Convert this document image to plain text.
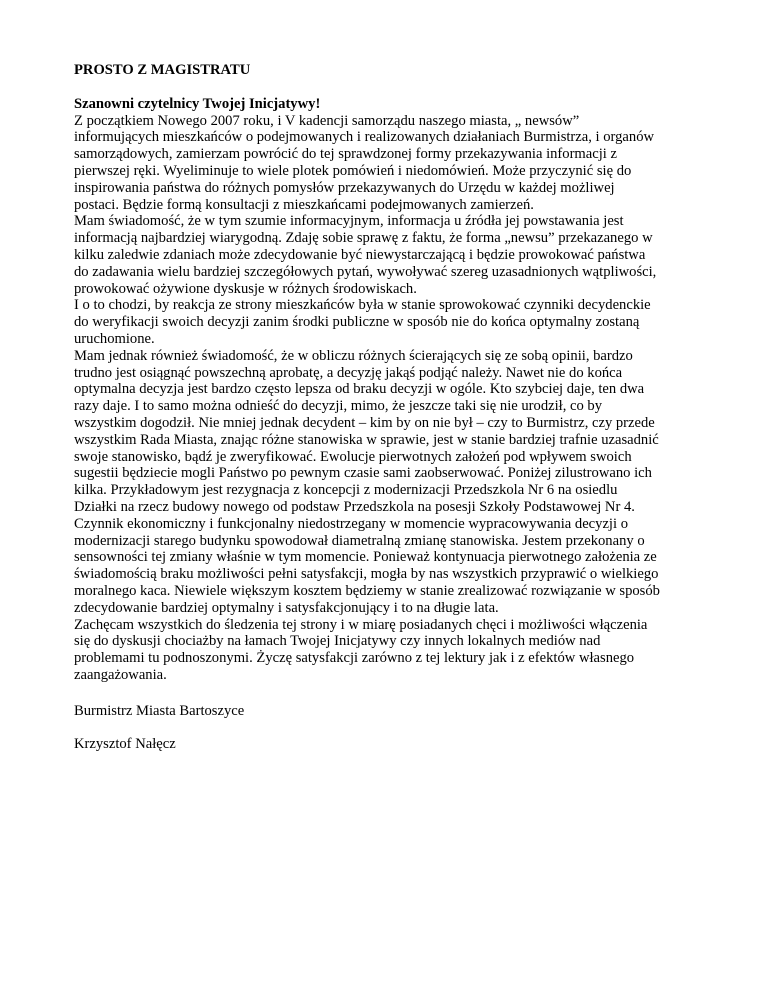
PROSTO Z MAGISTRATU

Szanowni czytelnicy Twojej Inicjatywy!

Z początkiem Nowego 2007 roku, i V kadencji samorządu naszego miasta, „ newsów”
informujących mieszkańców o podejmowanych i realizowanych działaniach Burmistrza, i organów
samorządowych, zamierzam powrócić do tej sprawdzonej formy przekazywania informacji z
pierwszej ręki. Wyeliminuje to wiele plotek pomówień i niedomówień. Może przyczynić się do
inspirowania państwa do różnych pomysłów przekazywanych do Urzędu w każdej możliwej
postaci. Będzie formą konsultacji z mieszkańcami podejmowanych zamierzeń.

Mam świadomość, że w tym szumie informacyjnym, informacja u źródła jej powstawania jest
informacją najbardziej wiarygodną. Zdaję sobie sprawę z faktu, że forma „newsu” przekazanego w
kilku zaledwie zdaniach może zdecydowanie być niewystarczającą i będzie prowokować państwa
do zadawania wielu bardziej szczegółowych pytań, wywoływać szereg uzasadnionych wątpliwości,
prowokować ożywione dyskusje w różnych środowiskach.

I o to chodzi, by reakcja ze strony mieszkańców była w stanie sprowokować czynniki decydenckie
do weryfikacji swoich decyzji zanim środki publiczne w sposób nie do końca optymalny zostaną
uruchomione.

Mam jednak również świadomość, że w obliczu różnych ścierających się ze sobą opinii, bardzo
trudno jest osiągnąć powszechną aprobatę, a decyzję jakąś podjąć należy. Nawet nie do końca
optymalna decyzja jest bardzo często lepsza od braku decyzji w ogóle. Kto szybciej daje, ten dwa
razy daje. I to samo można odnieść do decyzji, mimo, że jeszcze taki się nie urodził, co by
wszystkim dogodził. Nie mniej jednak decydent – kim by on nie był – czy to Burmistrz, czy przede
wszystkim Rada Miasta, znając różne stanowiska w sprawie, jest w stanie bardziej trafnie uzasadnić
swoje stanowisko, bądź je zweryfikować. Ewolucje pierwotnych założeń pod wpływem swoich
sugestii będziecie mogli Państwo po pewnym czasie sami zaobserwować. Poniżej zilustrowano ich
kilka. Przykładowym jest rezygnacja z koncepcji z modernizacji Przedszkola Nr 6 na osiedlu
Działki na rzecz budowy nowego od podstaw Przedszkola na posesji Szkoły Podstawowej Nr 4.
Czynnik ekonomiczny i funkcjonalny niedostrzegany w momencie wypracowywania decyzji o
modernizacji starego budynku spowodował diametralną zmianę stanowiska. Jestem przekonany o
sensowności tej zmiany właśnie w tym momencie. Ponieważ kontynuacja pierwotnego założenia ze
świadomością braku możliwości pełni satysfakcji, mogła by nas wszystkich przyprawić o wielkiego
moralnego kaca. Niewiele większym kosztem będziemy w stanie zrealizować rozwiązanie w sposób
zdecydowanie bardziej optymalny i satysfakcjonujący i to na długie lata.

Zachęcam wszystkich do śledzenia tej strony i w miarę posiadanych chęci i możliwości włączenia
się do dyskusji chociażby na łamach Twojej Inicjatywy czy innych lokalnych mediów nad
problemami tu podnoszonymi. Życzę satysfakcji zarówno z tej lektury jak i z efektów własnego
zaangażowania.

Burmistrz Miasta Bartoszyce

Krzysztof Nałęcz
